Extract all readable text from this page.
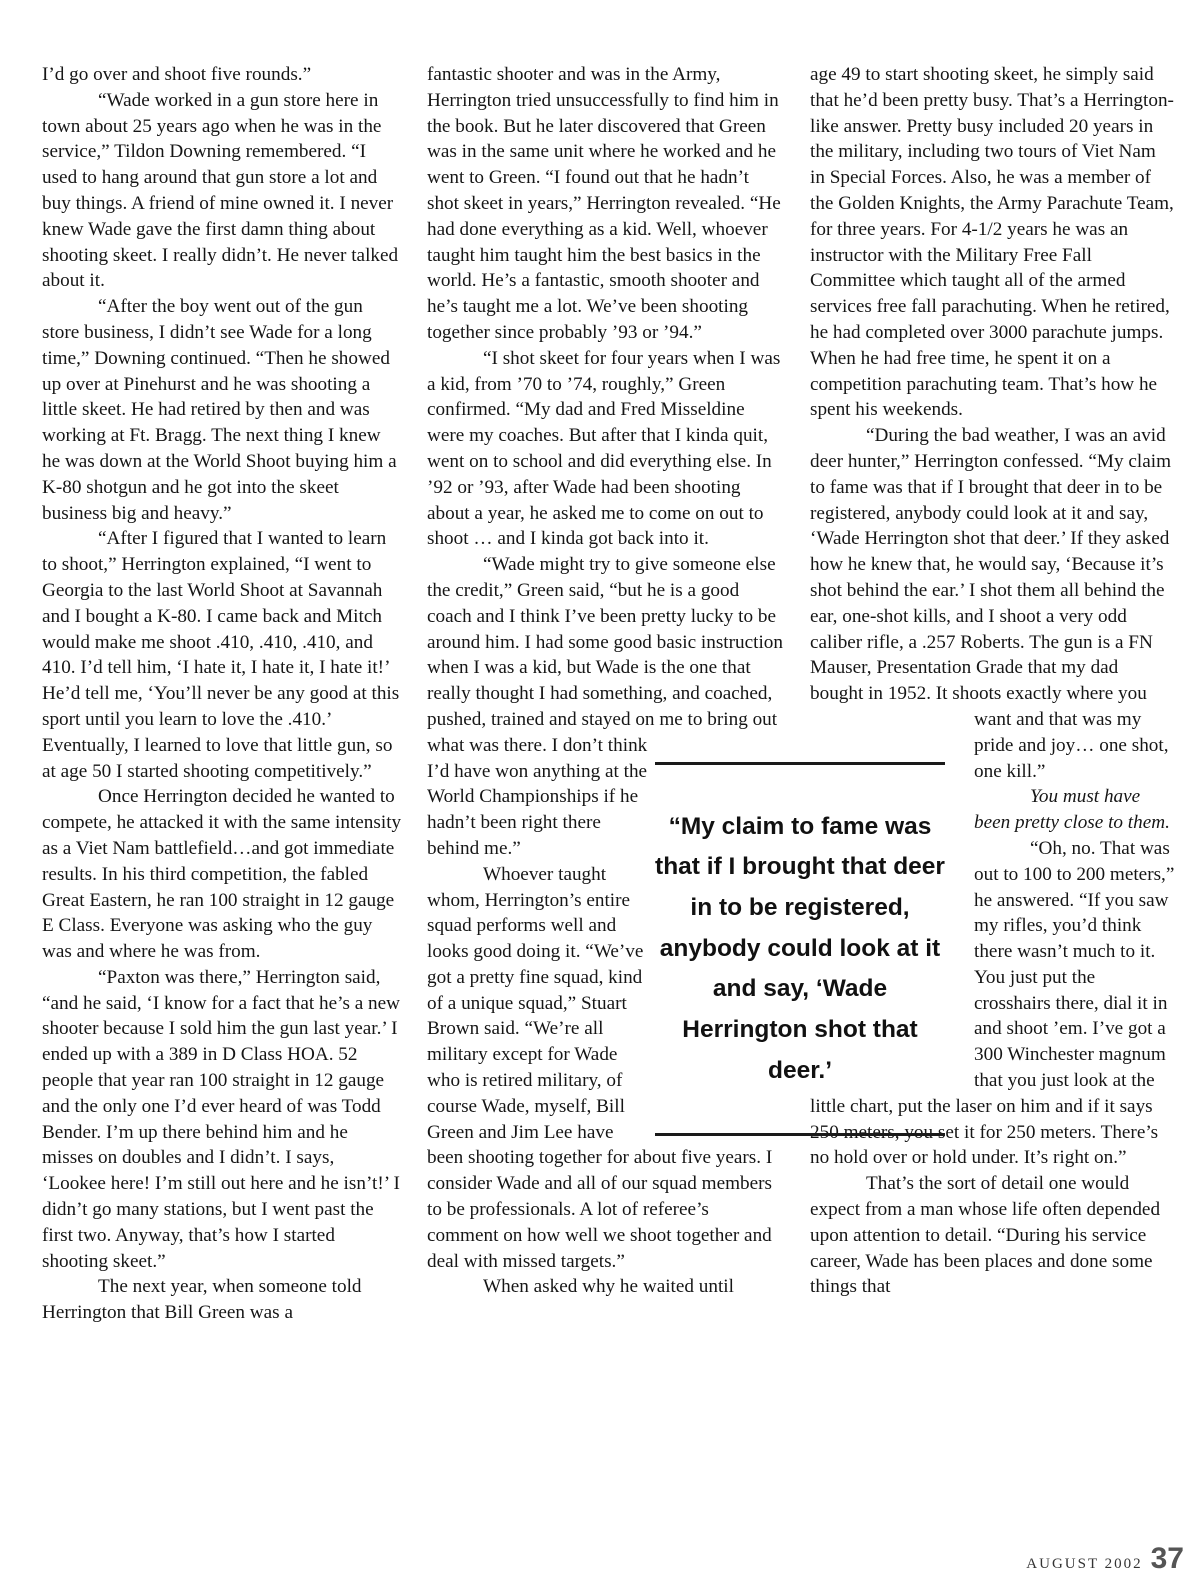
I’d go over and shoot five rounds.”

“Wade worked in a gun store here in town about 25 years ago when he was in the service,” Tildon Downing remembered. “I used to hang around that gun store a lot and buy things. A friend of mine owned it. I never knew Wade gave the first damn thing about shooting skeet. I really didn’t. He never talked about it.

“After the boy went out of the gun store business, I didn’t see Wade for a long time,” Downing continued. “Then he showed up over at Pinehurst and he was shooting a little skeet. He had retired by then and was working at Ft. Bragg. The next thing I knew he was down at the World Shoot buying him a K-80 shotgun and he got into the skeet business big and heavy.”

“After I figured that I wanted to learn to shoot,” Herrington explained, “I went to Georgia to the last World Shoot at Savannah and I bought a K-80. I came back and Mitch would make me shoot .410, .410, .410, and 410. I’d tell him, ‘I hate it, I hate it, I hate it!’ He’d tell me, ‘You’ll never be any good at this sport until you learn to love the .410.’ Eventually, I learned to love that little gun, so at age 50 I started shooting competitively.”

Once Herrington decided he wanted to compete, he attacked it with the same intensity as a Viet Nam battlefield…and got immediate results. In his third competition, the fabled Great Eastern, he ran 100 straight in 12 gauge E Class. Everyone was asking who the guy was and where he was from.

“Paxton was there,” Herrington said, “and he said, ‘I know for a fact that he’s a new shooter because I sold him the gun last year.’ I ended up with a 389 in D Class HOA. 52 people that year ran 100 straight in 12 gauge and the only one I’d ever heard of was Todd Bender. I’m up there behind him and he misses on doubles and I didn’t. I says, ‘Lookee here! I’m still out here and he isn’t!’ I didn’t go many stations, but I went past the first two. Anyway, that’s how I started shooting skeet.”

The next year, when someone told Herrington that Bill Green was a

fantastic shooter and was in the Army, Herrington tried unsuccessfully to find him in the book. But he later discovered that Green was in the same unit where he worked and he went to Green. “I found out that he hadn’t shot skeet in years,” Herrington revealed. “He had done everything as a kid. Well, whoever taught him taught him the best basics in the world. He’s a fantastic, smooth shooter and he’s taught me a lot. We’ve been shooting together since probably ’93 or ’94.”

“I shot skeet for four years when I was a kid, from ’70 to ’74, roughly,” Green confirmed. “My dad and Fred Misseldine were my coaches. But after that I kinda quit, went on to school and did everything else. In ’92 or ’93, after Wade had been shooting about a year, he asked me to come on out to shoot … and I kinda got back into it.

“Wade might try to give someone else the credit,” Green said, “but he is a good coach and I think I’ve been pretty lucky to be around him. I had some good basic instruction when I was a kid, but Wade is the one that really thought I had something, and coached, pushed, trained and stayed on me to bring out what was there. I don’t think I’d have won anything at the World Championships if he hadn’t been right there behind me.”

Whoever taught whom, Herrington’s entire squad performs well and looks good doing it. “We’ve got a pretty fine squad, kind of a unique squad,” Stuart Brown said. “We’re all military except for Wade who is retired military, of course Wade, myself, Bill Green and Jim Lee have been shooting together for about five years. I consider Wade and all of our squad members to be professionals. A lot of referee’s comment on how well we shoot together and deal with missed targets.”

When asked why he waited until

age 49 to start shooting skeet, he simply said that he’d been pretty busy. That’s a Herrington-like answer. Pretty busy included 20 years in the military, including two tours of Viet Nam in Special Forces. Also, he was a member of the Golden Knights, the Army Parachute Team, for three years. For 4-1/2 years he was an instructor with the Military Free Fall Committee which taught all of the armed services free fall parachuting. When he retired, he had completed over 3000 parachute jumps. When he had free time, he spent it on a competition parachuting team. That’s how he spent his weekends.

“During the bad weather, I was an avid deer hunter,” Herrington confessed. “My claim to fame was that if I brought that deer in to be registered, anybody could look at it and say, ‘Wade Herrington shot that deer.’ If they asked how he knew that, he would say, ‘Because it’s shot behind the ear.’ I shot them all behind the ear, one-shot kills, and I shoot a very odd caliber rifle, a .257 Roberts. The gun is a FN Mauser, Presentation Grade that my dad bought in 1952. It shoots exactly where you want and that was my pride and joy… one shot, one kill.”

You must have been pretty close to them.

“Oh, no. That was out to 100 to 200 meters,” he answered. “If you saw my rifles, you’d think there wasn’t much to it. You just put the crosshairs there, dial it in and shoot ’em. I’ve got a 300 Winchester magnum that you just look at the little chart, put the laser on him and if it says 250 meters, you set it for 250 meters. There’s no hold over or hold under. It’s right on.”

That’s the sort of detail one would expect from a man whose life often depended upon attention to detail. “During his service career, Wade has been places and done some things that

“My claim to fame was that if I brought that deer in to be registered, anybody could look at it and say, ‘Wade Herrington shot that deer.’
AUGUST 2002 37
